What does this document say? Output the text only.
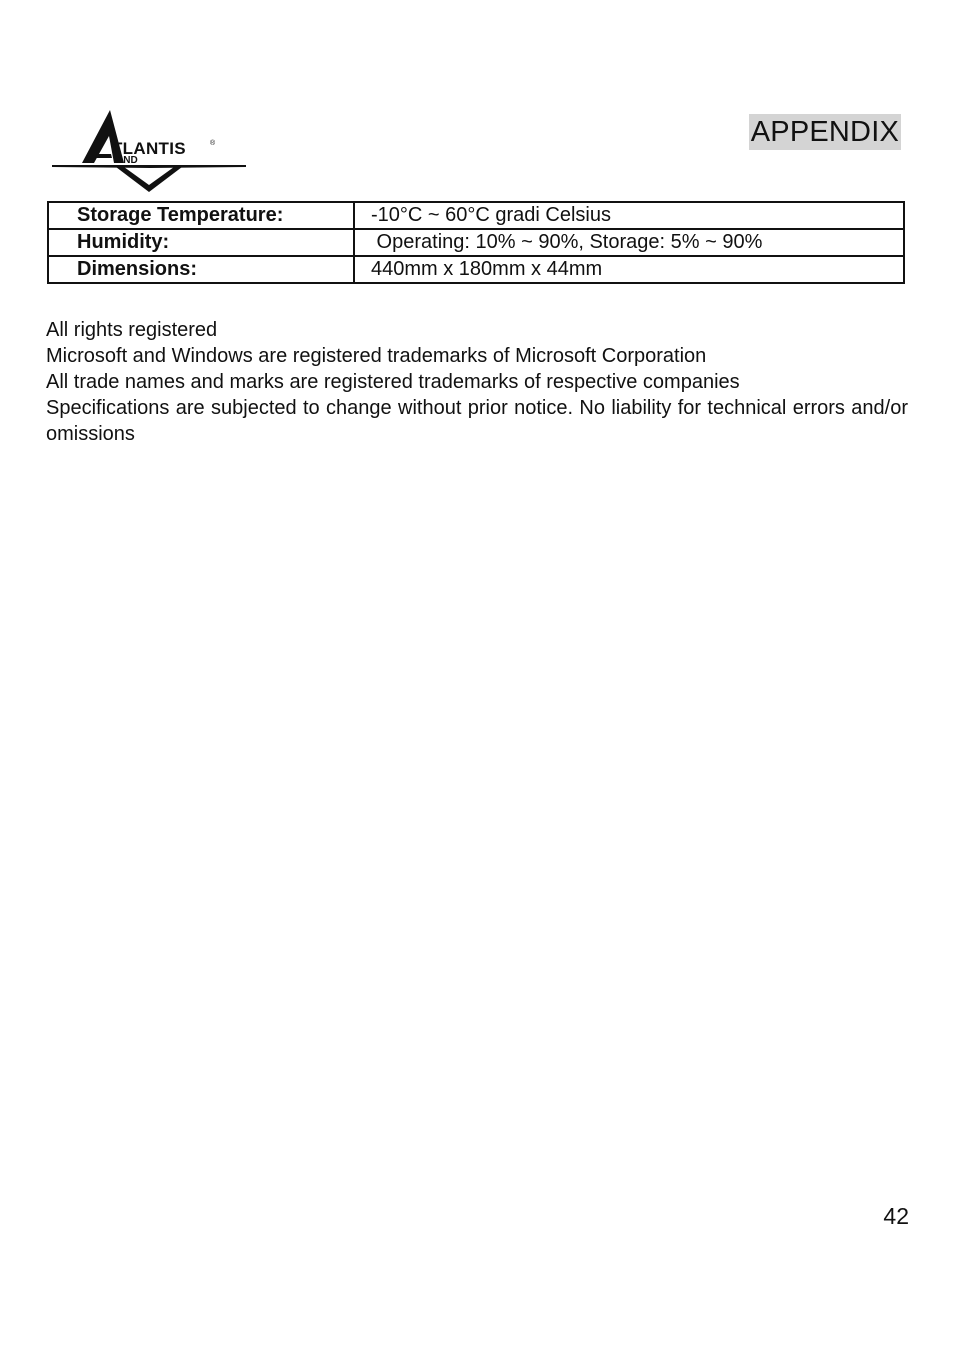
TLANTIS	®
AND
APPENDIX
Storage Temperature:	-10°C ~ 60°C gradi Celsius
Humidity:	Operating: 10% ~ 90%, Storage: 5% ~ 90%
Dimensions:	440mm x 180mm x 44mm

All rights registered

Microsoft and Windows are registered trademarks of Microsoft Corporation

All trade names and marks are registered trademarks of respective companies

Specifications are subjected to change without prior notice. No liability for technical errors and/or omissions

42
